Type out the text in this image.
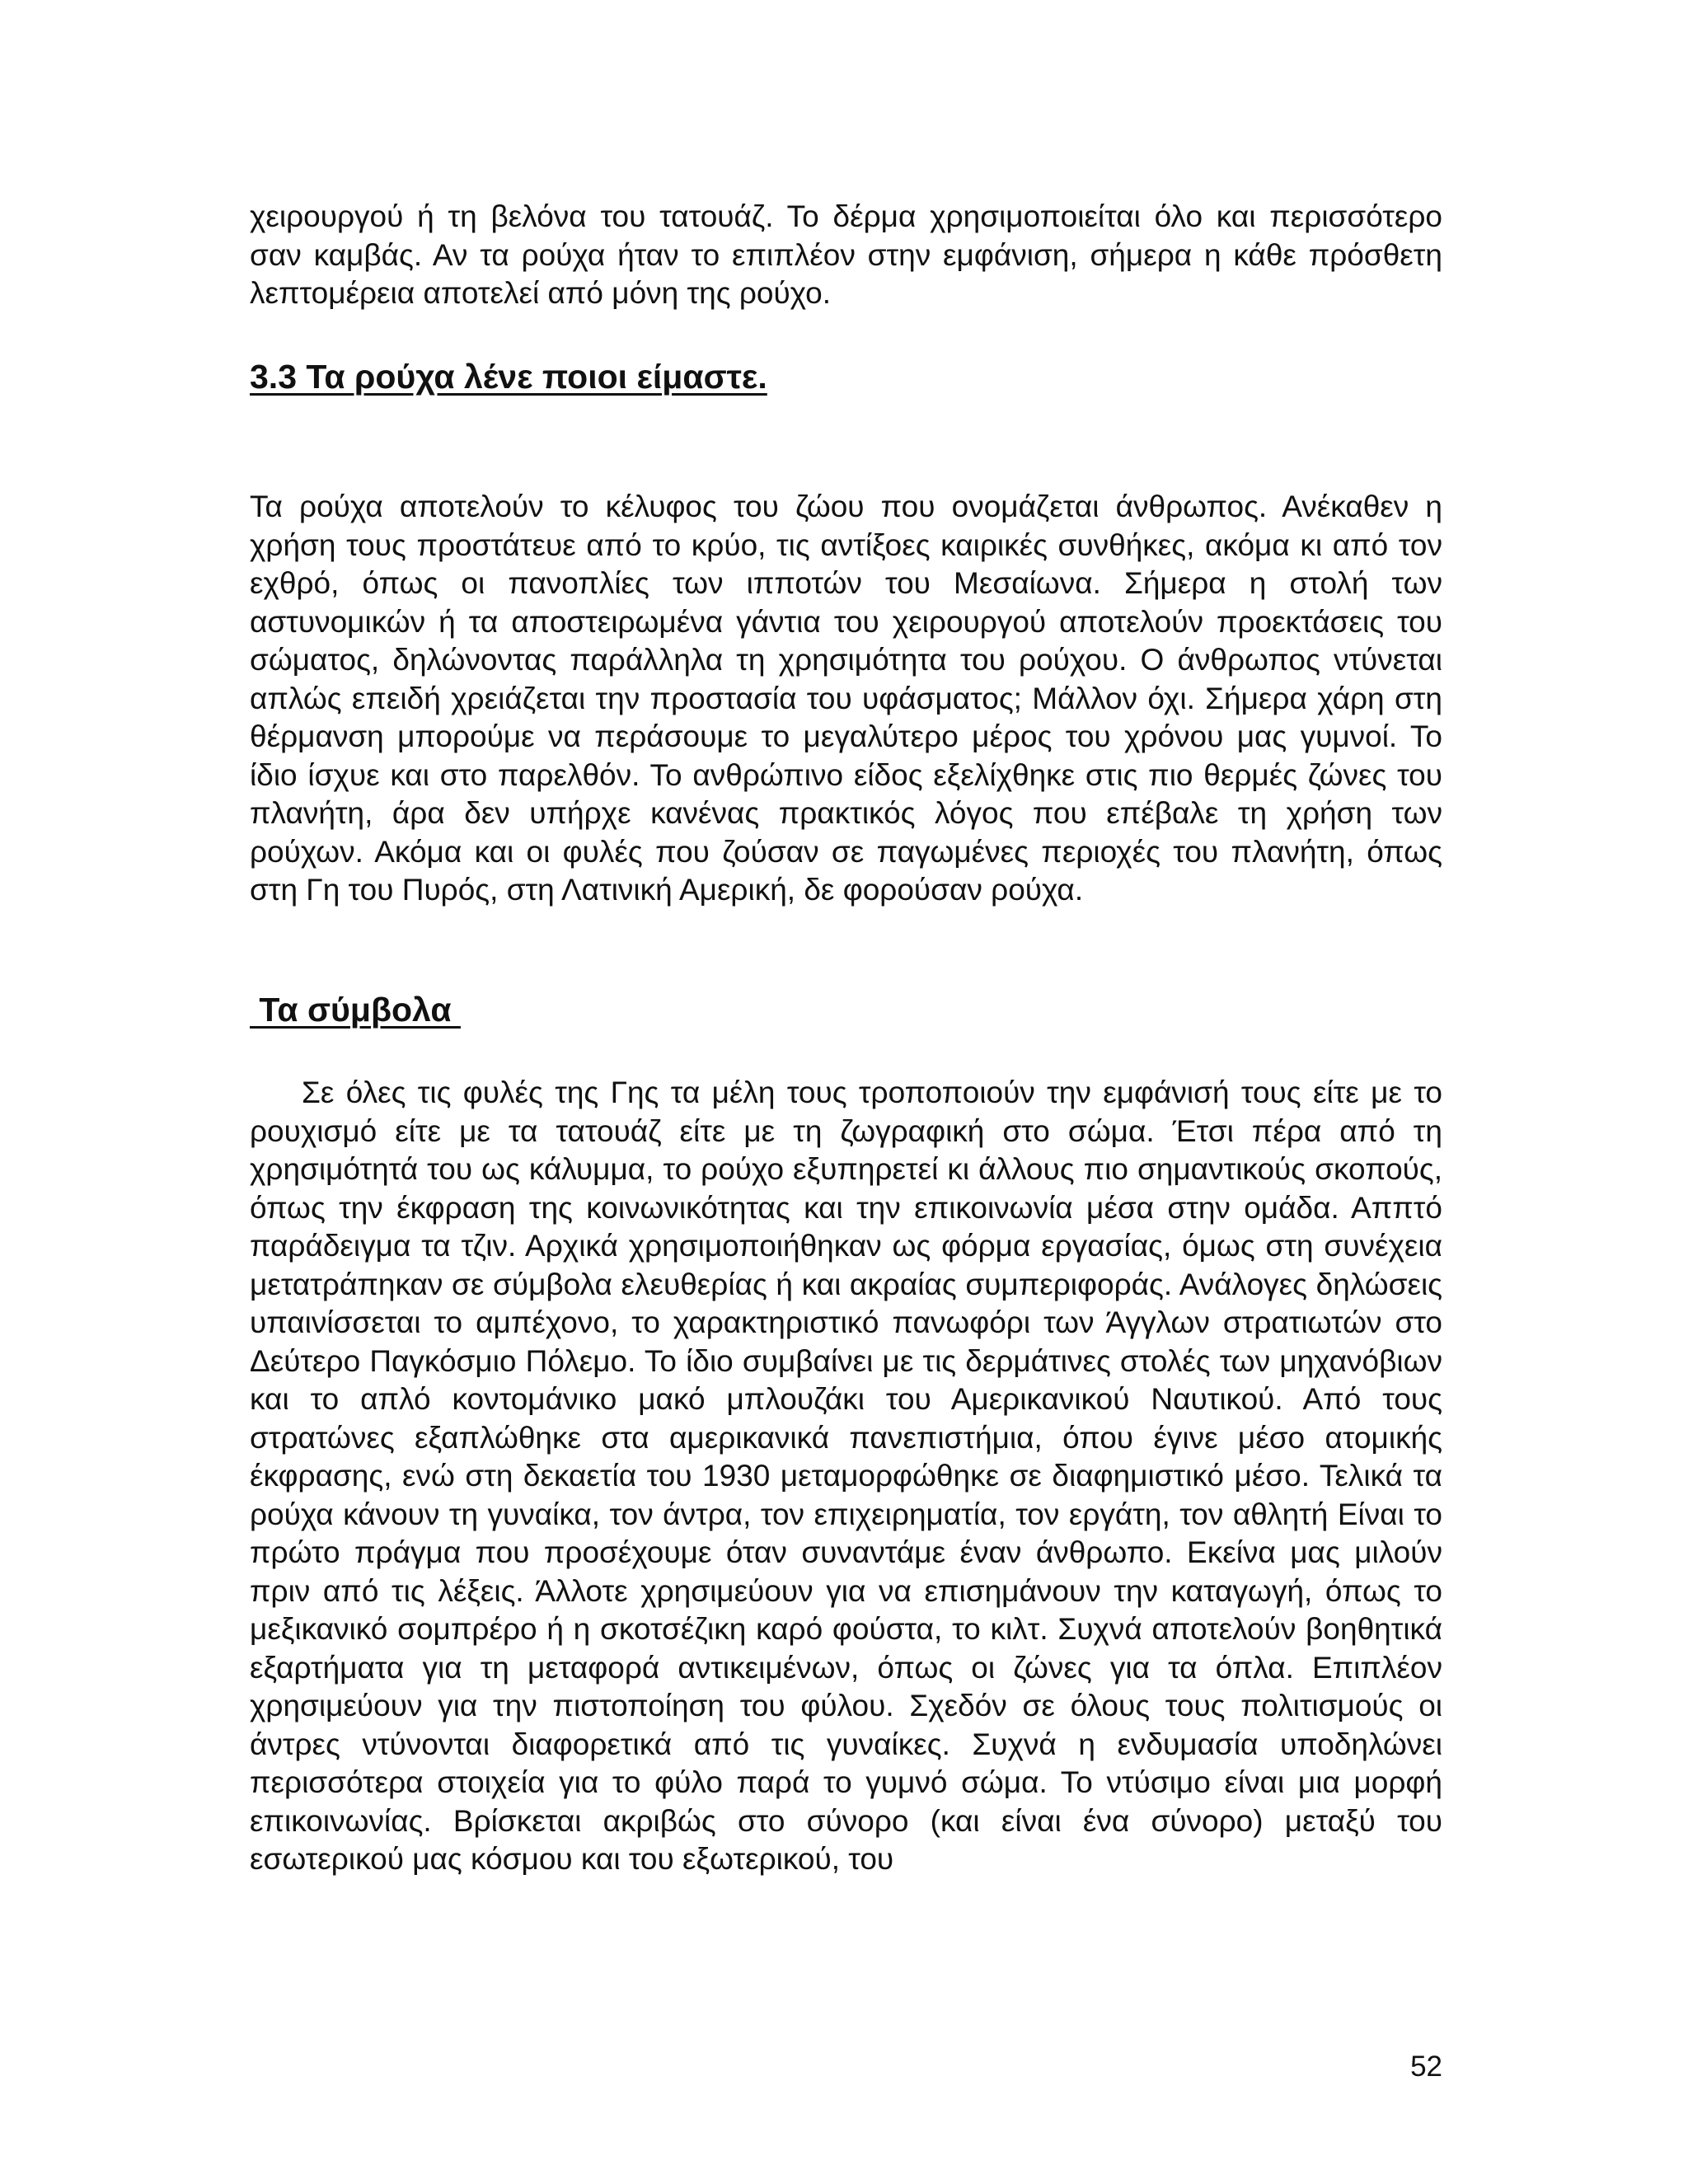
χειρουργού ή τη βελόνα του τατουάζ. Το δέρμα χρησιμοποιείται όλο και περισσότερο σαν καμβάς. Αν τα ρούχα ήταν το επιπλέον στην εμφάνιση, σήμερα η κάθε πρόσθετη λεπτομέρεια αποτελεί από μόνη της ρούχο.

3.3 Τα ρούχα λένε ποιοι είμαστε.

Τα ρούχα αποτελούν το κέλυφος του ζώου που ονομάζεται άνθρωπος. Ανέκαθεν η χρήση τους προστάτευε από το κρύο, τις αντίξοες καιρικές συνθήκες, ακόμα κι από τον εχθρό, όπως οι πανοπλίες των ιπποτών του Μεσαίωνα. Σήμερα η στολή των αστυνομικών ή τα αποστειρωμένα γάντια του χειρουργού αποτελούν προεκτάσεις του σώματος, δηλώνοντας παράλληλα τη χρησιμότητα του ρούχου. Ο άνθρωπος ντύνεται απλώς επειδή χρειάζεται την προστασία του υφάσματος; Μάλλον όχι. Σήμερα χάρη στη θέρμανση μπορούμε να περάσουμε το μεγαλύτερο μέρος του χρόνου μας γυμνοί. Το ίδιο ίσχυε και στο παρελθόν. Το ανθρώπινο είδος εξελίχθηκε στις πιο θερμές ζώνες του πλανήτη, άρα δεν υπήρχε κανένας πρακτικός λόγος που επέβαλε τη χρήση των ρούχων. Ακόμα και οι φυλές που ζούσαν σε παγωμένες περιοχές του πλανήτη, όπως στη Γη του Πυρός, στη Λατινική Αμερική, δε φορούσαν ρούχα.

Τα σύμβολα

Σε όλες τις φυλές της Γης τα μέλη τους τροποποιούν την εμφάνισή τους είτε με το ρουχισμό είτε με τα τατουάζ είτε με τη ζωγραφική στο σώμα. Έτσι πέρα από τη χρησιμότητά του ως κάλυμμα, το ρούχο εξυπηρετεί κι άλλους πιο σημαντικούς σκοπούς, όπως την έκφραση της κοινωνικότητας και την επικοινωνία μέσα στην ομάδα. Αππτό παράδειγμα τα τζιν. Αρχικά χρησιμοποιήθηκαν ως φόρμα εργασίας, όμως στη συνέχεια μετατράπηκαν σε σύμβολα ελευθερίας ή και ακραίας συμπεριφοράς. Ανάλογες δηλώσεις υπαινίσσεται το αμπέχονο, το χαρακτηριστικό πανωφόρι των Άγγλων στρατιωτών στο Δεύτερο Παγκόσμιο Πόλεμο. Το ίδιο συμβαίνει με τις δερμάτινες στολές των μηχανόβιων και το απλό κοντομάνικο μακό μπλουζάκι του Αμερικανικού Ναυτικού. Από τους στρατώνες εξαπλώθηκε στα αμερικανικά πανεπιστήμια, όπου έγινε μέσο ατομικής έκφρασης, ενώ στη δεκαετία του 1930 μεταμορφώθηκε σε διαφημιστικό μέσο. Τελικά τα ρούχα κάνουν τη γυναίκα, τον άντρα, τον επιχειρηματία, τον εργάτη, τον αθλητή Είναι το πρώτο πράγμα που προσέχουμε όταν συναντάμε έναν άνθρωπο. Εκείνα μας μιλούν πριν από τις λέξεις. Άλλοτε χρησιμεύουν για να επισημάνουν την καταγωγή, όπως το μεξικανικό σομπρέρο ή η σκοτσέζικη καρό φούστα, το κιλτ. Συχνά αποτελούν βοηθητικά εξαρτήματα για τη μεταφορά αντικειμένων, όπως οι ζώνες για τα όπλα. Επιπλέον χρησιμεύουν για την πιστοποίηση του φύλου. Σχεδόν σε όλους τους πολιτισμούς οι άντρες ντύνονται διαφορετικά από τις γυναίκες. Συχνά η ενδυμασία υποδηλώνει περισσότερα στοιχεία για το φύλο παρά το γυμνό σώμα. Το ντύσιμο είναι μια μορφή επικοινωνίας. Βρίσκεται ακριβώς στο σύνορο (και είναι ένα σύνορο) μεταξύ του εσωτερικού μας κόσμου και του εξωτερικού, του

52
